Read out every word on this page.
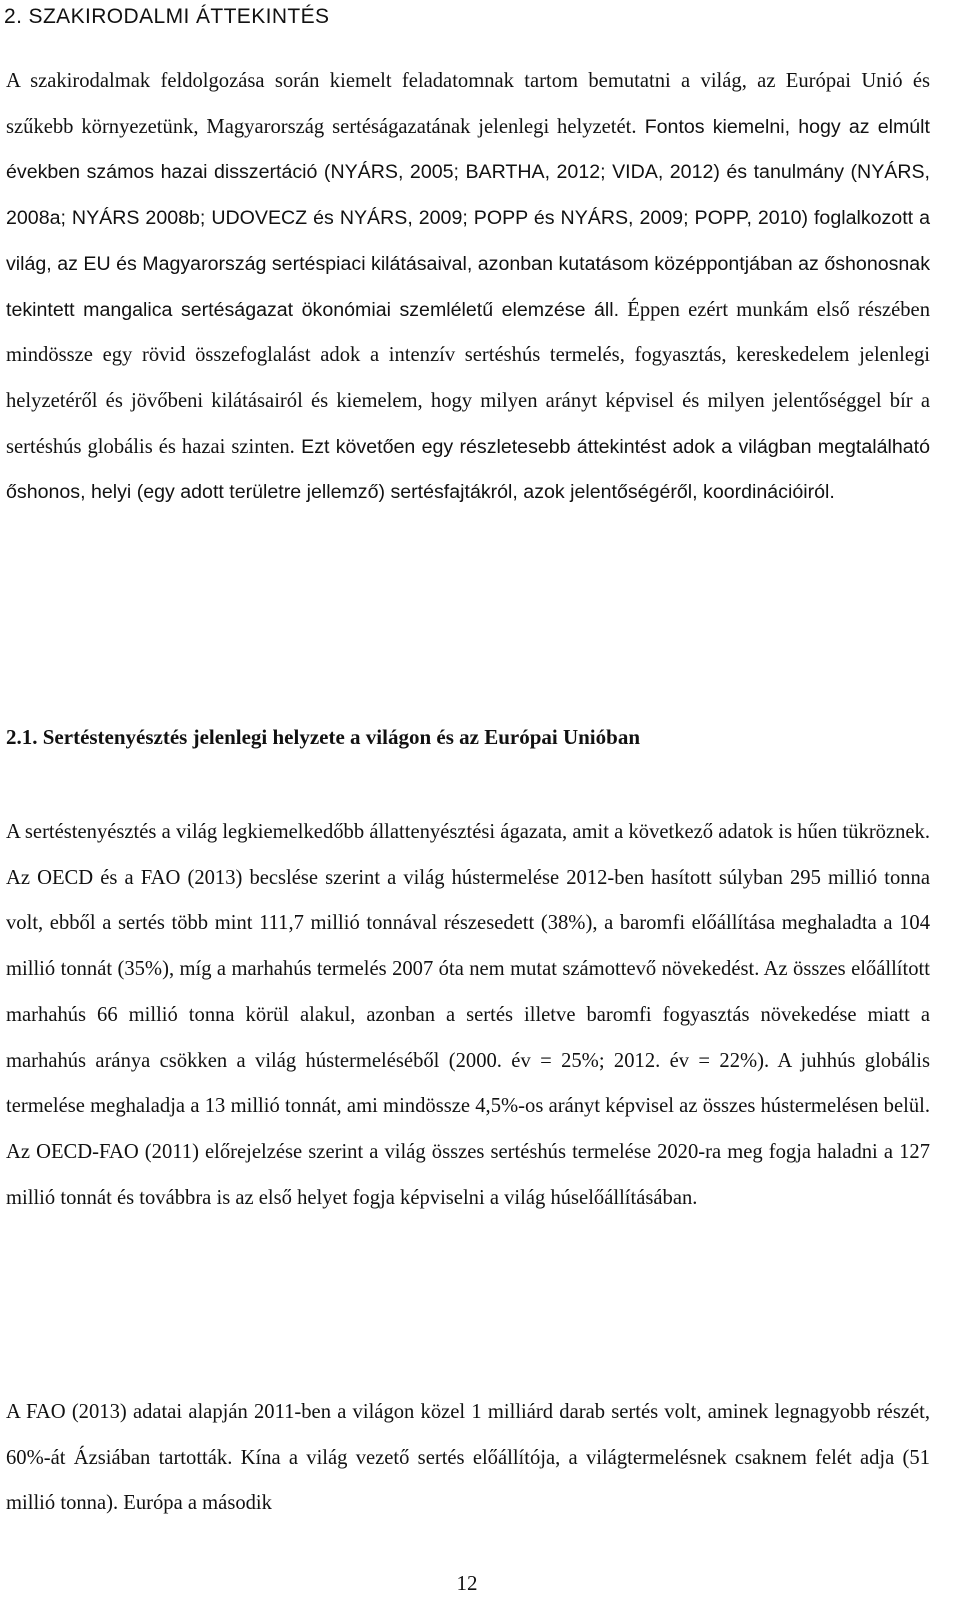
2. SZAKIRODALMI ÁTTEKINTÉS

A szakirodalmak feldolgozása során kiemelt feladatomnak tartom bemutatni a világ, az Európai Unió és szűkebb környezetünk, Magyarország sertéságazatának jelenlegi helyzetét. Fontos kiemelni, hogy az elmúlt években számos hazai disszertáció (NYÁRS, 2005; BARTHA, 2012; VIDA, 2012) és tanulmány (NYÁRS, 2008a; NYÁRS 2008b; UDOVECZ és NYÁRS, 2009; POPP és NYÁRS, 2009; POPP, 2010) foglalkozott a világ, az EU és Magyarország sertéspiaci kilátásaival, azonban kutatásom középpontjában az őshonosnak tekintett mangalica sertéságazat ökonómiai szemléletű elemzése áll. Éppen ezért munkám első részében mindössze egy rövid összefoglalást adok a intenzív sertéshús termelés, fogyasztás, kereskedelem jelenlegi helyzetéről és jövőbeni kilátásairól és kiemelem, hogy milyen arányt képvisel és milyen jelentőséggel bír a sertéshús globális és hazai szinten. Ezt követően egy részletesebb áttekintést adok a világban megtalálható őshonos, helyi (egy adott területre jellemző) sertésfajtákról, azok jelentőségéről, koordinációiról.

2.1. Sertéstenyésztés jelenlegi helyzete a világon és az Európai Unióban

A sertéstenyésztés a világ legkiemelkedőbb állattenyésztési ágazata, amit a következő adatok is hűen tükröznek. Az OECD és a FAO (2013) becslése szerint a világ hústermelése 2012-ben hasított súlyban 295 millió tonna volt, ebből a sertés több mint 111,7 millió tonnával részesedett (38%), a baromfi előállítása meghaladta a 104 millió tonnát (35%), míg a marhahús termelés 2007 óta nem mutat számottevő növekedést. Az összes előállított marhahús 66 millió tonna körül alakul, azonban a sertés illetve baromfi fogyasztás növekedése miatt a marhahús aránya csökken a világ hústermeléséből (2000. év = 25%; 2012. év = 22%). A juhhús globális termelése meghaladja a 13 millió tonnát, ami mindössze 4,5%-os arányt képvisel az összes hústermelésen belül. Az OECD-FAO (2011) előrejelzése szerint a világ összes sertéshús termelése 2020-ra meg fogja haladni a 127 millió tonnát és továbbra is az első helyet fogja képviselni a világ húselőállításában.

A FAO (2013) adatai alapján 2011-ben a világon közel 1 milliárd darab sertés volt, aminek legnagyobb részét, 60%-át Ázsiában tartották. Kína a világ vezető sertés előállítója, a világtermelésnek csaknem felét adja (51 millió tonna). Európa a második

12
